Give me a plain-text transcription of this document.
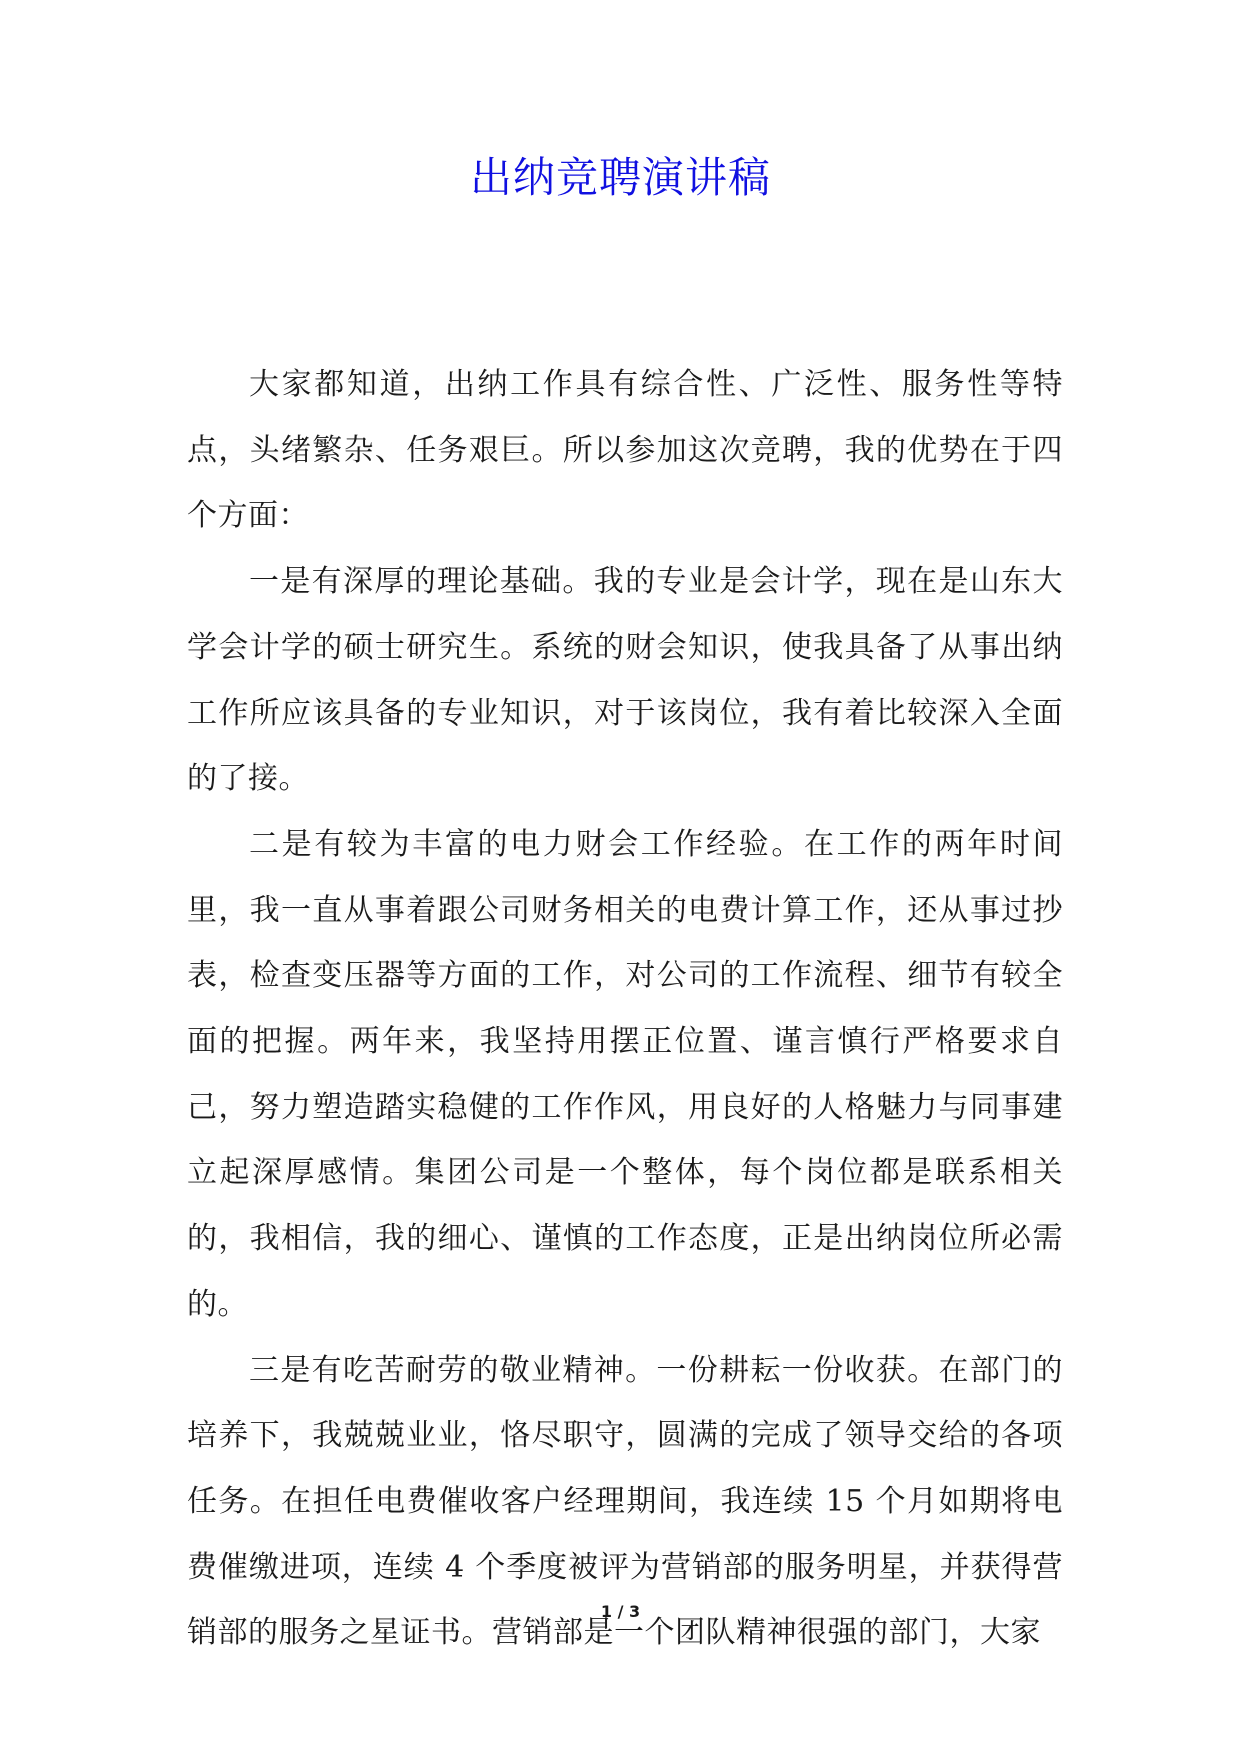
出纳竞聘演讲稿

大家都知道，出纳工作具有综合性、广泛性、服务性等特点，头绪繁杂、任务艰巨。所以参加这次竞聘，我的优势在于四个方面：

一是有深厚的理论基础。我的专业是会计学，现在是山东大学会计学的硕士研究生。系统的财会知识，使我具备了从事出纳工作所应该具备的专业知识，对于该岗位，我有着比较深入全面的了接。

二是有较为丰富的电力财会工作经验。在工作的两年时间里，我一直从事着跟公司财务相关的电费计算工作，还从事过抄表，检查变压器等方面的工作，对公司的工作流程、细节有较全面的把握。两年来，我坚持用摆正位置、谨言慎行严格要求自己，努力塑造踏实稳健的工作作风，用良好的人格魅力与同事建立起深厚感情。集团公司是一个整体，每个岗位都是联系相关的，我相信，我的细心、谨慎的工作态度，正是出纳岗位所必需的。

三是有吃苦耐劳的敬业精神。一份耕耘一份收获。在部门的培养下，我兢兢业业，恪尽职守，圆满的完成了领导交给的各项任务。在担任电费催收客户经理期间，我连续 15 个月如期将电费催缴进项，连续 4 个季度被评为营销部的服务明星，并获得营销部的服务之星证书。营销部是一个团队精神很强的部门，大家

1 / 3
